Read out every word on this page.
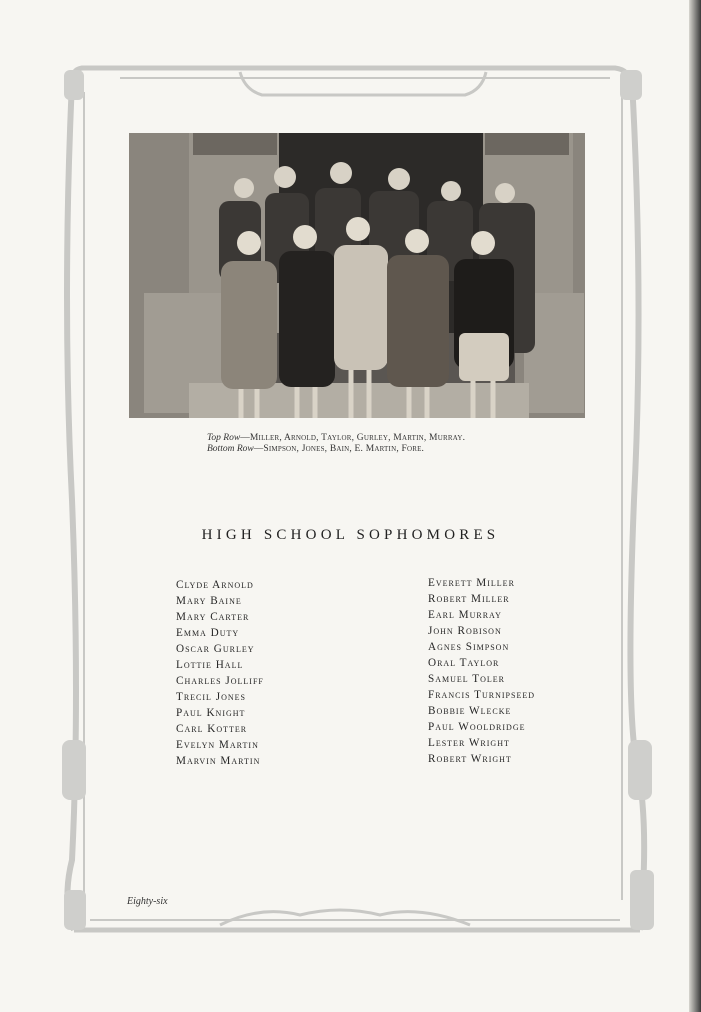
Top Row—Miller, Arnold, Taylor, Gurley, Martin, Murray.
Bottom Row—Simpson, Jones, Bain, E. Martin, Fore.
HIGH SCHOOL SOPHOMORES
Clyde Arnold
Mary Baine
Mary Carter
Emma Duty
Oscar Gurley
Lottie Hall
Charles Jolliff
Trecil Jones
Paul Knight
Carl Kotter
Evelyn Martin
Marvin Martin
Everett Miller
Robert Miller
Earl Murray
John Robison
Agnes Simpson
Oral Taylor
Samuel Toler
Francis Turnipseed
Bobbie Wlecke
Paul Wooldridge
Lester Wright
Robert Wright
Eighty-six
